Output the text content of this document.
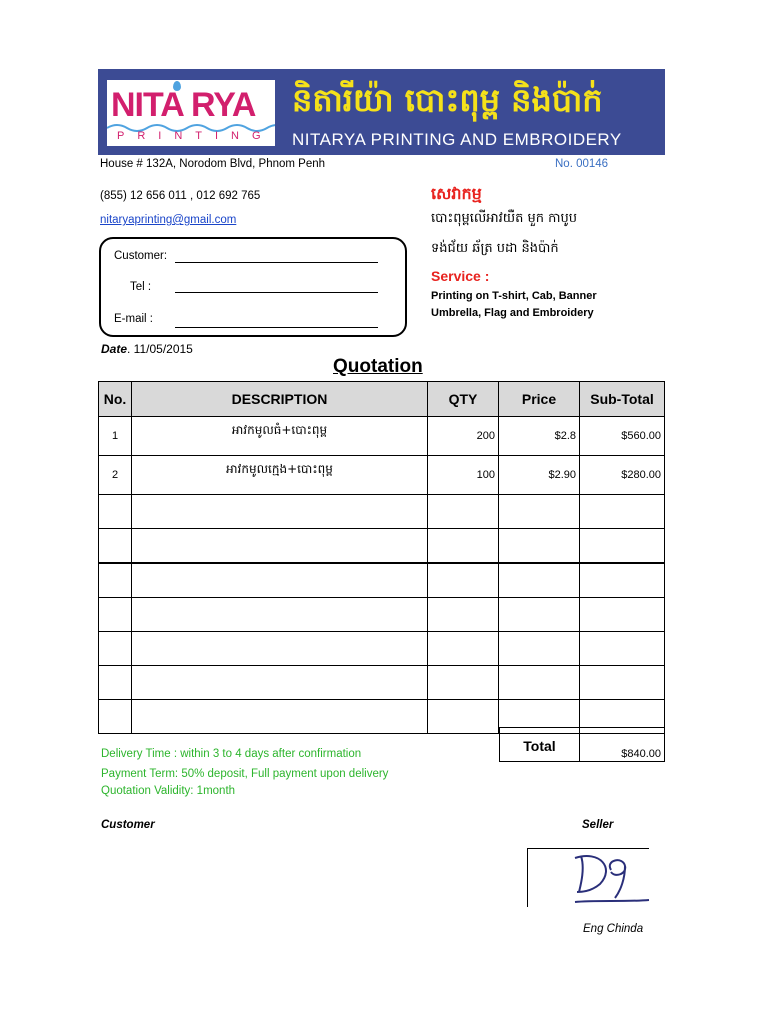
NITA RYA
PRINTING
និតារីយ៉ា បោះពុម្ព និងប៉ាក់
NITARYA PRINTING AND EMBROIDERY
House # 132A, Norodom Blvd, Phnom Penh	No. 00146
(855) 12 656 011 , 012 692 765
nitaryaprinting@gmail.com
សេវាកម្ម
បោះពុម្ពលើអាវយឺត មួក កាបូប
ទង់ជ័យ ឆ័ត្រ បដា និងប៉ាក់
Service :
Printing on T-shirt, Cab, Banner
Umbrella, Flag and Embroidery
Customer:
Tel :
E-mail :
Date. 11/05/2015
Quotation
No.	DESCRIPTION	QTY	Price	Sub-Total
1	អាវកមូលធំ+បោះពុម្ព	200	$2.8	$560.00
2	អាវកមូលក្មេង+បោះពុម្ព	100	$2.90	$280.00

Total	$840.00
Delivery Time : within 3 to 4 days after confirmation
Payment Term: 50% deposit, Full payment upon delivery
Quotation Validity: 1month
Customer	Seller
Eng Chinda
